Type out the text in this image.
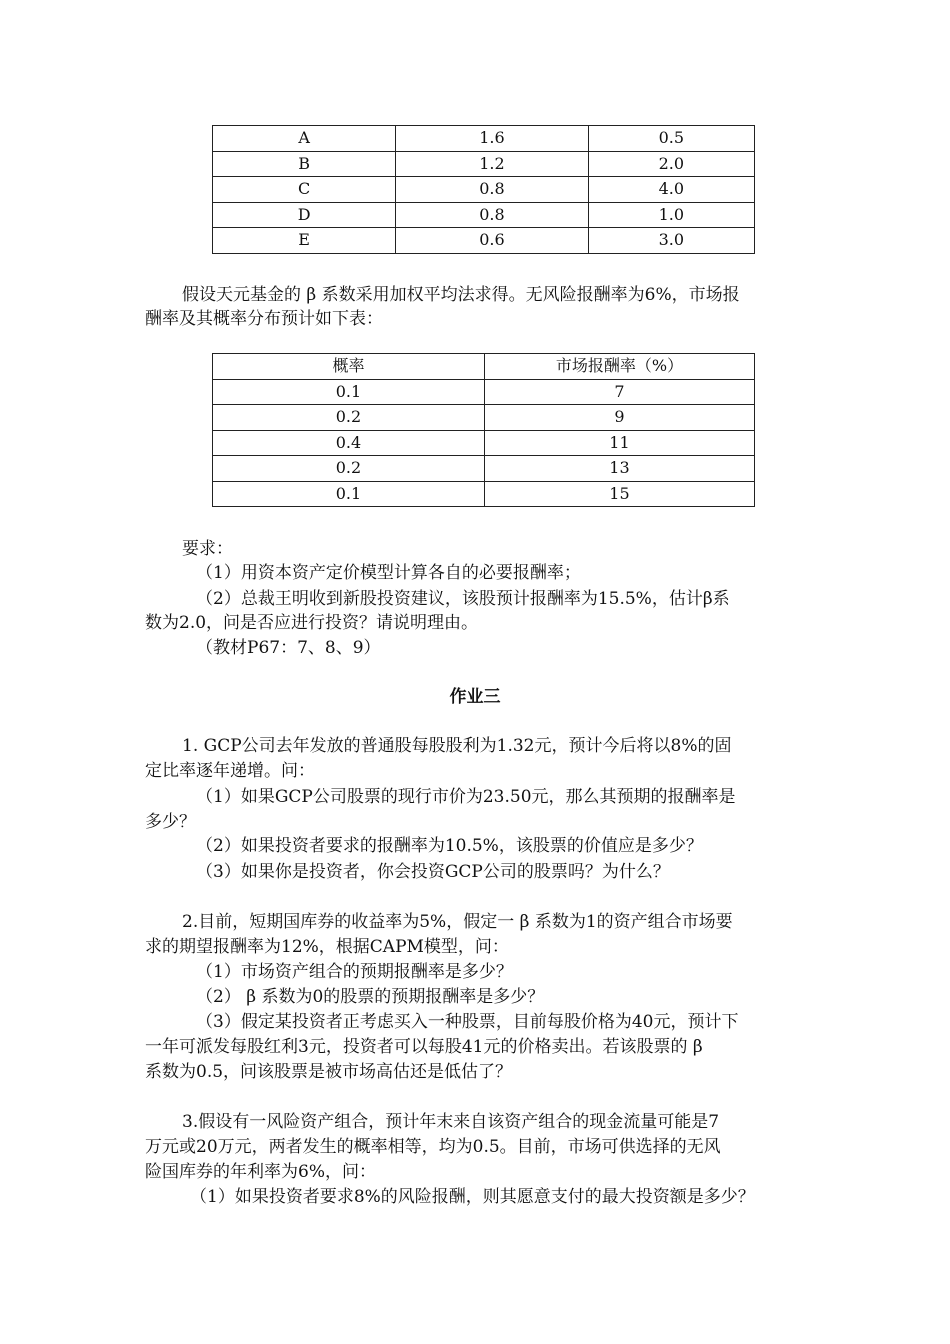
A	1.6	0.5
B	1.2	2.0
C	0.8	4.0
D	0.8	1.0
E	0.6	3.0
假设天元基金的 β 系数采用加权平均法求得。无风险报酬率为6%，市场报
酬率及其概率分布预计如下表：
概率	市场报酬率（%）
0.1	7
0.2	9
0.4	11
0.2	13
0.1	15
要求：
（1）用资本资产定价模型计算各自的必要报酬率；
（2）总裁王明收到新股投资建议，该股预计报酬率为15.5%，估计β系
数为2.0，问是否应进行投资？请说明理由。
（教材P67：7、8、9）
作业三
1. GCP公司去年发放的普通股每股股利为1.32元，预计今后将以8%的固
定比率逐年递增。问：
（1）如果GCP公司股票的现行市价为23.50元，那么其预期的报酬率是
多少？
（2）如果投资者要求的报酬率为10.5%，该股票的价值应是多少？
（3）如果你是投资者，你会投资GCP公司的股票吗？为什么？
2.目前，短期国库券的收益率为5%，假定一 β 系数为1的资产组合市场要
求的期望报酬率为12%，根据CAPM模型，问：
（1）市场资产组合的预期报酬率是多少？
（2） β 系数为0的股票的预期报酬率是多少？
（3）假定某投资者正考虑买入一种股票，目前每股价格为40元，预计下
一年可派发每股红利3元，投资者可以每股41元的价格卖出。若该股票的 β
系数为0.5，问该股票是被市场高估还是低估了？
3.假设有一风险资产组合，预计年末来自该资产组合的现金流量可能是7
万元或20万元，两者发生的概率相等，均为0.5。目前，市场可供选择的无风
险国库券的年利率为6%，问：
（1）如果投资者要求8%的风险报酬，则其愿意支付的最大投资额是多少？
